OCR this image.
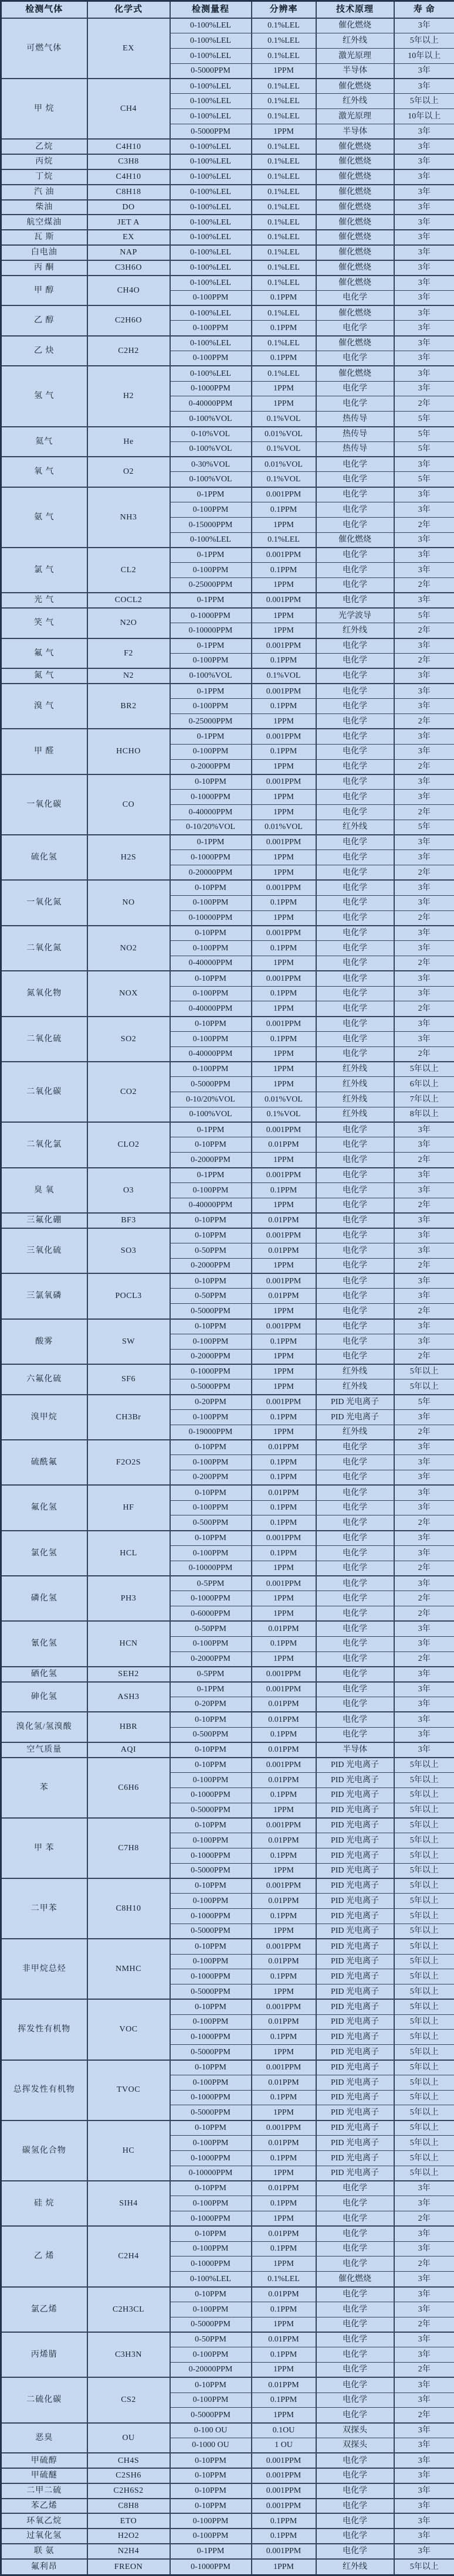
检测气体	化学式	检测量程	分辨率	技术原理	寿 命
可燃气体	EX	0-100%LEL	0.1%LEL	催化燃烧	3年
		0-100%LEL	0.1%LEL	红外线	5年以上
		0-100%LEL	0.1%LEL	激光原理	10年以上
		0-5000PPM	1PPM	半导体	3年
甲 烷	CH4	0-100%LEL	0.1%LEL	催化燃烧	3年
		0-100%LEL	0.1%LEL	红外线	5年以上
		0-100%LEL	0.1%LEL	激光原理	10年以上
		0-5000PPM	1PPM	半导体	3年
乙烷	C4H10	0-100%LEL	0.1%LEL	催化燃烧	3年
丙烷	C3H8	0-100%LEL	0.1%LEL	催化燃烧	3年
丁烷	C4H10	0-100%LEL	0.1%LEL	催化燃烧	3年
汽 油	C8H18	0-100%LEL	0.1%LEL	催化燃烧	3年
柴油	DO	0-100%LEL	0.1%LEL	催化燃烧	3年
航空煤油	JET A	0-100%LEL	0.1%LEL	催化燃烧	3年
瓦 斯	EX	0-100%LEL	0.1%LEL	催化燃烧	3年
白电油	NAP	0-100%LEL	0.1%LEL	催化燃烧	3年
丙 酮	C3H6O	0-100%LEL	0.1%LEL	催化燃烧	3年
甲 醇	CH4O	0-100%LEL	0.1%LEL	催化燃烧	3年
		0-100PPM	0.1PPM	电化学	3年
乙 醇	C2H6O	0-100%LEL	0.1%LEL	催化燃烧	3年
		0-100PPM	0.1PPM	电化学	3年
乙 炔	C2H2	0-100%LEL	0.1%LEL	催化燃烧	3年
		0-100PPM	0.1PPM	电化学	3年
氢 气	H2	0-100%LEL	0.1%LEL	催化燃烧	3年
		0-1000PPM	1PPM	电化学	3年
		0-40000PPM	1PPM	电化学	2年
		0-100%VOL	0.1%VOL	热传导	5年
氦气	He	0-10%VOL	0.01%VOL	热传导	5年
		0-100%VOL	0.1%VOL	热传导	5年
氧 气	O2	0-30%VOL	0.01%VOL	电化学	3年
		0-100%VOL	0.1%VOL	电化学	5年
氨 气	NH3	0-1PPM	0.001PPM	电化学	3年
		0-100PPM	0.1PPM	电化学	3年
		0-15000PPM	1PPM	电化学	2年
		0-100%LEL	0.1%LEL	催化燃烧	3年
氯 气	CL2	0-1PPM	0.001PPM	电化学	3年
		0-100PPM	0.1PPM	电化学	3年
		0-25000PPM	1PPM	电化学	2年
光 气	COCL2	0-1PPM	0.001PPM	电化学	3年
笑 气	N2O	0-1000PPM	1PPM	光学波导	5年
		0-10000PPM	1PPM	红外线	2年
氟 气	F2	0-1PPM	0.001PPM	电化学	3年
		0-100PPM	0.1PPM	电化学	2年
氮 气	N2	0-100%VOL	0.1%VOL	电化学	3年
溴 气	BR2	0-1PPM	0.001PPM	电化学	3年
		0-100PPM	0.1PPM	电化学	3年
		0-25000PPM	1PPM	电化学	2年
甲 醛	HCHO	0-1PPM	0.001PPM	电化学	3年
		0-100PPM	0.1PPM	电化学	3年
		0-2000PPM	1PPM	电化学	2年
一氧化碳	CO	0-10PPM	0.001PPM	电化学	3年
		0-1000PPM	1PPM	电化学	3年
		0-40000PPM	1PPM	电化学	2年
		0-10/20%VOL	0.01%VOL	红外线	5年
硫化氢	H2S	0-1PPM	0.001PPM	电化学	3年
		0-1000PPM	1PPM	电化学	3年
		0-20000PPM	1PPM	电化学	2年
一氧化氮	NO	0-10PPM	0.001PPM	电化学	3年
		0-100PPM	0.1PPM	电化学	3年
		0-10000PPM	1PPM	电化学	2年
二氧化氮	NO2	0-10PPM	0.001PPM	电化学	3年
		0-100PPM	0.1PPM	电化学	3年
		0-40000PPM	1PPM	电化学	2年
氮氧化物	NOX	0-10PPM	0.001PPM	电化学	3年
		0-100PPM	0.1PPM	电化学	3年
		0-40000PPM	1PPM	电化学	2年
二氧化硫	SO2	0-10PPM	0.001PPM	电化学	3年
		0-100PPM	0.1PPM	电化学	3年
		0-40000PPM	1PPM	电化学	2年
二氧化碳	CO2	0-100PPM	1PPM	红外线	5年以上
		0-5000PPM	1PPM	红外线	6年以上
		0-10/20%VOL	0.01%VOL	红外线	7年以上
		0-100%VOL	0.1%VOL	红外线	8年以上
二氧化氯	CLO2	0-1PPM	0.001PPM	电化学	3年
		0-10PPM	0.01PPM	电化学	3年
		0-2000PPM	1PPM	电化学	2年
臭 氧	O3	0-1PPM	0.001PPM	电化学	3年
		0-100PPM	0.1PPM	电化学	3年
		0-40000PPM	1PPM	电化学	2年
三氟化硼	BF3	0-10PPM	0.01PPM	电化学	3年
三氧化硫	SO3	0-10PPM	0.001PPM	电化学	3年
		0-50PPM	0.01PPM	电化学	3年
		0-2000PPM	1PPM	电化学	2年
三氯氧磷	POCL3	0-10PPM	0.001PPM	电化学	3年
		0-50PPM	0.01PPM	电化学	3年
		0-5000PPM	1PPM	电化学	2年
酸雾	SW	0-10PPM	0.001PPM	电化学	3年
		0-100PPM	0.1PPM	电化学	3年
		0-2000PPM	1PPM	电化学	2年
六氟化硫	SF6	0-1000PPM	1PPM	红外线	5年以上
		0-5000PPM	1PPM	红外线	5年以上
溴甲烷	CH3Br	0-20PPM	0.001PPM	PID 光电离子	5年
		0-100PPM	0.1PPM	PID 光电离子	3年
		0-19000PPM	1PPM	红外线	2年
硫酰氟	F2O2S	0-10PPM	0.01PPM	电化学	3年
		0-100PPM	0.1PPM	电化学	3年
		0-200PPM	0.1PPM	电化学	3年
氟化氢	HF	0-10PPM	0.01PPM	电化学	3年
		0-100PPM	0.1PPM	电化学	3年
		0-500PPM	0.1PPM	电化学	2年
氯化氢	HCL	0-10PPM	0.001PPM	电化学	3年
		0-100PPM	0.1PPM	电化学	3年
		0-10000PPM	1PPM	电化学	2年
磷化氢	PH3	0-5PPM	0.001PPM	电化学	3年
		0-1000PPM	1PPM	电化学	2年
		0-6000PPM	1PPM	电化学	2年
氰化氢	HCN	0-50PPM	0.01PPM	电化学	3年
		0-100PPM	0.1PPM	电化学	3年
		0-2000PPM	1PPM	电化学	2年
硒化氢	SEH2	0-5PPM	0.001PPM	电化学	3年
砷化氢	ASH3	0-1PPM	0.001PPM	电化学	3年
		0-20PPM	0.01PPM	电化学	3年
溴化氢/氢溴酸	HBR	0-10PPM	0.01PPM	电化学	3年
		0-500PPM	0.1PPM	电化学	3年
空气质量	AQI	0-10PPM	0.01PPM	半导体	3年
苯	C6H6	0-10PPM	0.001PPM	PID 光电离子	5年以上
		0-100PPM	0.01PPM	PID 光电离子	5年以上
		0-1000PPM	0.1PPM	PID 光电离子	5年以上
		0-5000PPM	1PPM	PID 光电离子	5年以上
甲 苯	C7H8	0-10PPM	0.001PPM	PID 光电离子	5年以上
		0-100PPM	0.01PPM	PID 光电离子	5年以上
		0-1000PPM	0.1PPM	PID 光电离子	5年以上
		0-5000PPM	1PPM	PID 光电离子	5年以上
二甲苯	C8H10	0-10PPM	0.001PPM	PID 光电离子	5年以上
		0-100PPM	0.01PPM	PID 光电离子	5年以上
		0-1000PPM	0.1PPM	PID 光电离子	5年以上
		0-5000PPM	1PPM	PID 光电离子	5年以上
非甲烷总烃	NMHC	0-10PPM	0.001PPM	PID 光电离子	5年以上
		0-100PPM	0.01PPM	PID 光电离子	5年以上
		0-1000PPM	0.1PPM	PID 光电离子	5年以上
		0-5000PPM	1PPM	PID 光电离子	5年以上
挥发性有机物	VOC	0-10PPM	0.001PPM	PID 光电离子	5年以上
		0-100PPM	0.01PPM	PID 光电离子	5年以上
		0-1000PPM	0.1PPM	PID 光电离子	5年以上
		0-5000PPM	1PPM	PID 光电离子	5年以上
总挥发性有机物	TVOC	0-10PPM	0.001PPM	PID 光电离子	5年以上
		0-100PPM	0.01PPM	PID 光电离子	5年以上
		0-1000PPM	0.1PPM	PID 光电离子	5年以上
		0-5000PPM	1PPM	PID 光电离子	5年以上
碳氢化合物	HC	0-10PPM	0.001PPM	PID 光电离子	5年以上
		0-100PPM	0.01PPM	PID 光电离子	5年以上
		0-1000PPM	0.1PPM	PID 光电离子	5年以上
		0-10000PPM	1PPM	PID 光电离子	5年以上
硅 烷	SIH4	0-10PPM	0.01PPM	电化学	3年
		0-100PPM	0.1PPM	电化学	3年
		0-1000PPM	1PPM	电化学	2年
乙 烯	C2H4	0-10PPM	0.01PPM	电化学	3年
		0-100PPM	0.1PPM	电化学	3年
		0-1000PPM	1PPM	电化学	2年
		0-100%LEL	0.1%LEL	催化燃烧	3年
氯乙烯	C2H3CL	0-10PPM	0.01PPM	电化学	3年
		0-100PPM	0.1PPM	电化学	3年
		0-5000PPM	1PPM	电化学	2年
丙烯腈	C3H3N	0-50PPM	0.01PPM	电化学	3年
		0-100PPM	0.1PPM	电化学	3年
		0-20000PPM	1PPM	电化学	2年
二硫化碳	CS2	0-10PPM	0.01PPM	电化学	3年
		0-100PPM	0.1PPM	电化学	3年
		0-5000PPM	1PPM	电化学	2年
恶臭	OU	0-100 OU	0.1OU	双探头	3年
		0-1000 OU	1 OU	双探头	3年
甲硫醇	CH4S	0-10PPM	0.001PPM	电化学	3年
甲硫醚	C2SH6	0-10PPM	0.001PPM	电化学	3年
二甲二硫	C2H6S2	0-10PPM	0.001PPM	电化学	3年
苯乙烯	C8H8	0-10PPM	0.001PPM	电化学	3年
环氧乙烷	ETO	0-100PPM	0.1PPM	电化学	3年
过氧化氢	H2O2	0-100PPM	0.1PPM	电化学	3年
联 氨	N2H4	0-1PPM	0.001PPM	电化学	3年
氟利昂	FREON	0-1000PPM	1PPM	红外线	5年以上
